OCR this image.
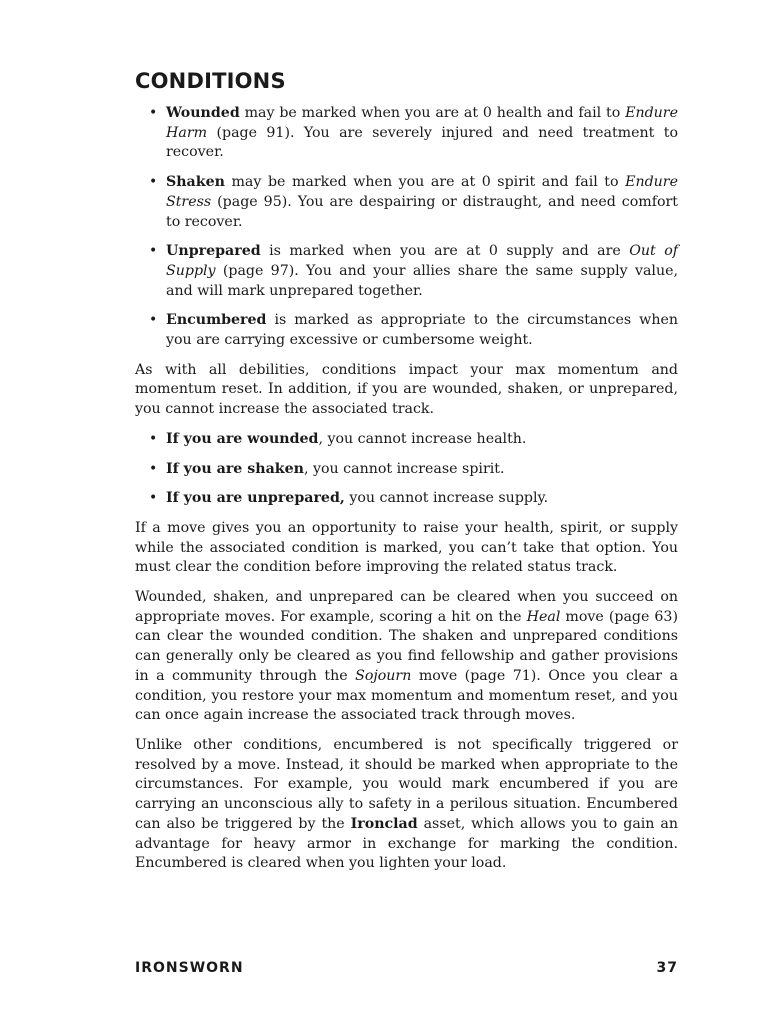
CONDITIONS
• Wounded may be marked when you are at 0 health and fail to Endure Harm (page 91). You are severely injured and need treatment to recover.
• Shaken may be marked when you are at 0 spirit and fail to Endure Stress (page 95). You are despairing or distraught, and need comfort to recover.
• Unprepared is marked when you are at 0 supply and are Out of Supply (page 97). You and your allies share the same supply value, and will mark unprepared together.
• Encumbered is marked as appropriate to the circumstances when you are carrying excessive or cumbersome weight.

As with all debilities, conditions impact your max momentum and momentum reset. In addition, if you are wounded, shaken, or unprepared, you cannot increase the associated track.

• If you are wounded, you cannot increase health.
• If you are shaken, you cannot increase spirit.
• If you are unprepared, you cannot increase supply.

If a move gives you an opportunity to raise your health, spirit, or supply while the associated condition is marked, you can’t take that option. You must clear the condition before improving the related status track.

Wounded, shaken, and unprepared can be cleared when you succeed on appropriate moves. For example, scoring a hit on the Heal move (page 63) can clear the wounded condition. The shaken and unprepared conditions can generally only be cleared as you find fellowship and gather provisions in a community through the Sojourn move (page 71). Once you clear a condition, you restore your max momentum and momentum reset, and you can once again increase the associated track through moves.

Unlike other conditions, encumbered is not specifically triggered or resolved by a move. Instead, it should be marked when appropriate to the circumstances. For example, you would mark encumbered if you are carrying an unconscious ally to safety in a perilous situation. Encumbered can also be triggered by the Ironclad asset, which allows you to gain an advantage for heavy armor in exchange for marking the condition. Encumbered is cleared when you lighten your load.

IRONSWORN	37
